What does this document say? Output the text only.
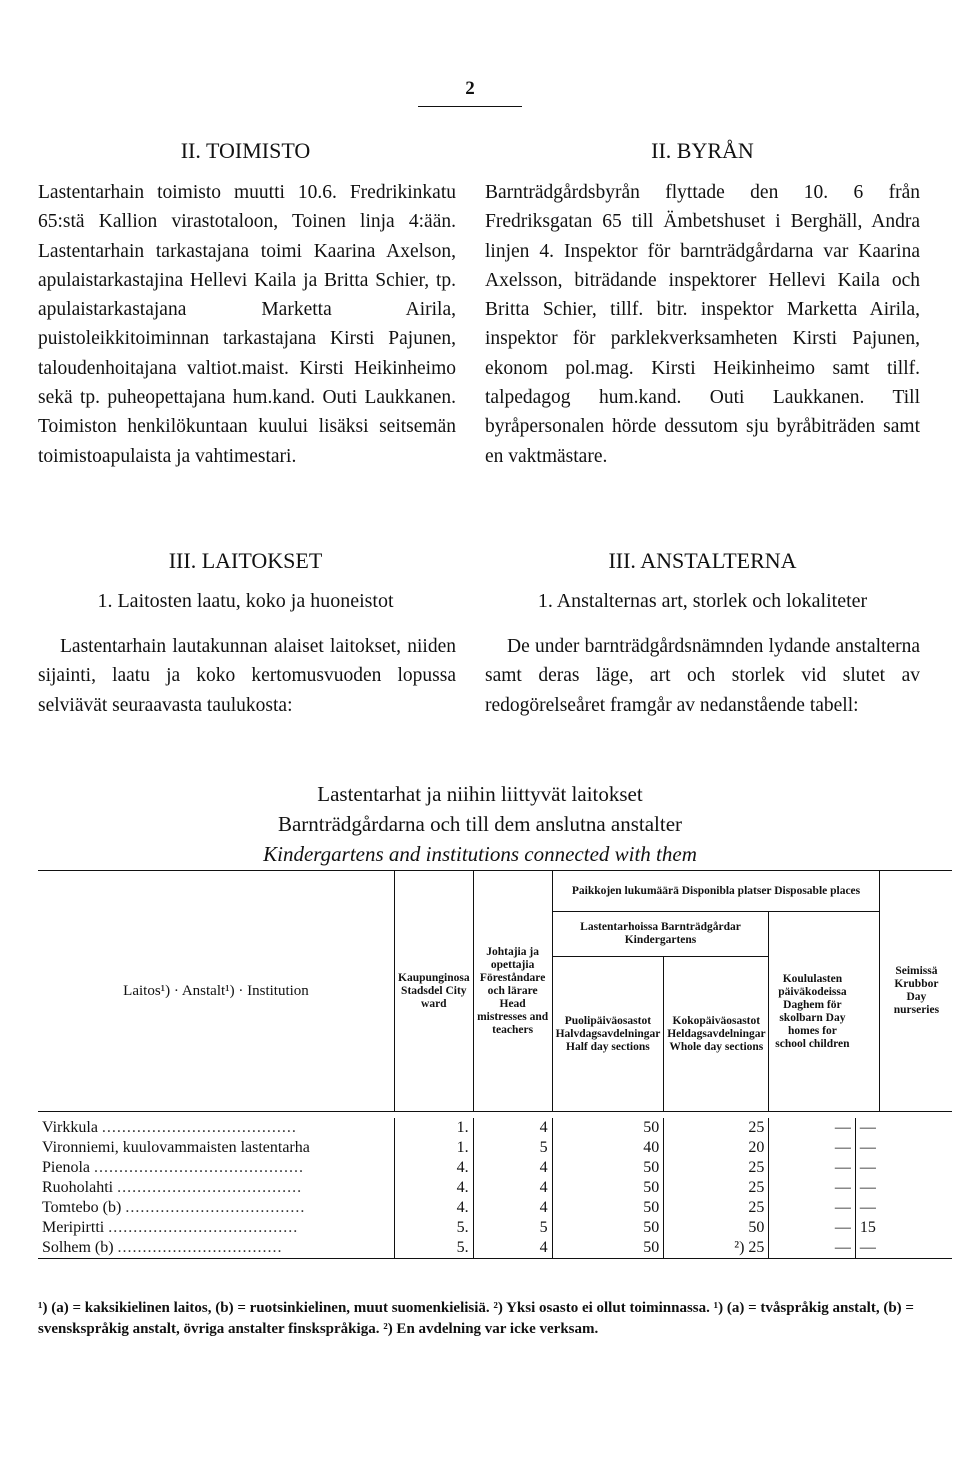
2
II. TOIMISTO

Lastentarhain toimisto muutti 10.6. Fredrikinkatu 65:stä Kallion virastotaloon, Toinen linja 4:ään. Lastentarhain tarkastajana toimi Kaarina Axelson, apulaistarkastajina Hellevi Kaila ja Britta Schier, tp. apulaistarkastajana Marketta Airila, puistoleikkitoiminnan tarkastajana Kirsti Pajunen, taloudenhoitajana valtiot.maist. Kirsti Heikinheimo sekä tp. puheopettajana hum.kand. Outi Laukkanen. Toimiston henkilökuntaan kuului lisäksi seitsemän toimistoapulaista ja vahtimestari.

III. LAITOKSET
1. Laitosten laatu, koko ja huoneistot

Lastentarhain lautakunnan alaiset laitokset, niiden sijainti, laatu ja koko kertomusvuoden lopussa selviävät seuraavasta taulukosta:

II. BYRÅN

Barnträdgårdsbyrån flyttade den 10. 6 från Fredriksgatan 65 till Ämbetshuset i Berghäll, Andra linjen 4. Inspektor för barnträdgårdarna var Kaarina Axelsson, biträdande inspektorer Hellevi Kaila och Britta Schier, tillf. bitr. inspektor Marketta Airila, inspektor för parklekverksamheten Kirsti Pajunen, ekonom pol.mag. Kirsti Heikinheimo samt tillf. talpedagog hum.kand. Outi Laukkanen. Till byråpersonalen hörde dessutom sju byråbiträden samt en vaktmästare.

III. ANSTALTERNA
1. Anstalternas art, storlek och lokaliteter

De under barnträdgårdsnämnden lydande anstalterna samt deras läge, art och storlek vid slutet av redogörelseåret framgår av nedanstående tabell:

Lastentarhat ja niihin liittyvät laitokset
Barnträdgårdarna och till dem anslutna anstalter
Kindergartens and institutions connected with them
Laitos¹) · Anstalt¹) · Institution	Kaupunginosa Stadsdel City ward	Johtajia ja opettajia Föreståndare och lärare Head mistresses and teachers	Paikkojen lukumäärä Disponibla platser Disposable places				Seimissä Krubbor Day nurseries
			Lastentarhoissa Barnträdgårdar Kindergartens		Koululasten päiväkodeissa Daghem för skolbarn Day homes for school children		
			Puolipäiväosastot Halvdagsavdelningar Half day sections	Kokopäiväosastot Heldagsavdelningar Whole day sections			

Virkkula .......................................	1.	4	50	25	—	—	
Vironniemi, kuulovammaisten lastentarha	1.	5	40	20	—	—	
Pienola ..........................................	4.	4	50	25	—	—	
Ruoholahti .....................................	4.	4	50	25	—	—	
Tomtebo (b) ....................................	4.	4	50	25	—	—	
Meripirtti ......................................	5.	5	50	50	—	15	
Solhem (b) .................................	5.	4	50	²) 25	—	—	

¹) (a) = kaksikielinen laitos, (b) = ruotsinkielinen, muut suomenkielisiä. ²) Yksi osasto ei ollut toiminnassa. ¹) (a) = tvåspråkig anstalt, (b) = svenskspråkig anstalt, övriga anstalter finskspråkiga. ²) En avdelning var icke verksam.
